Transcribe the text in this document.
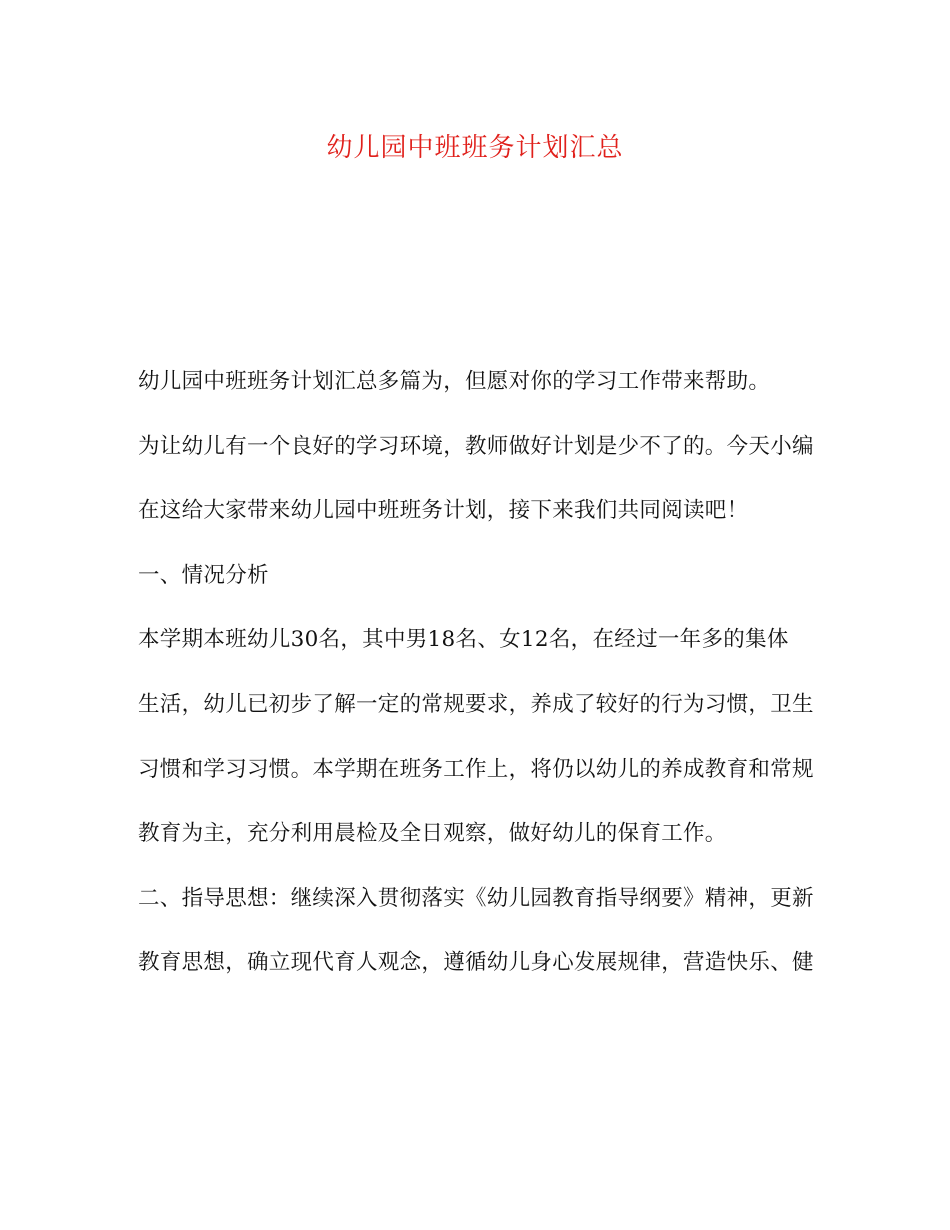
幼儿园中班班务计划汇总
幼儿园中班班务计划汇总多篇为，但愿对你的学习工作带来帮助。
为让幼儿有一个良好的学习环境，教师做好计划是少不了的。今天小编
在这给大家带来幼儿园中班班务计划，接下来我们共同阅读吧！
一、情况分析
本学期本班幼儿30名，其中男18名、女12名，在经过一年多的集体
生活，幼儿已初步了解一定的常规要求，养成了较好的行为习惯，卫生
习惯和学习习惯。本学期在班务工作上，将仍以幼儿的养成教育和常规
教育为主，充分利用晨检及全日观察，做好幼儿的保育工作。
二、指导思想：继续深入贯彻落实《幼儿园教育指导纲要》精神，更新
教育思想，确立现代育人观念，遵循幼儿身心发展规律，营造快乐、健
